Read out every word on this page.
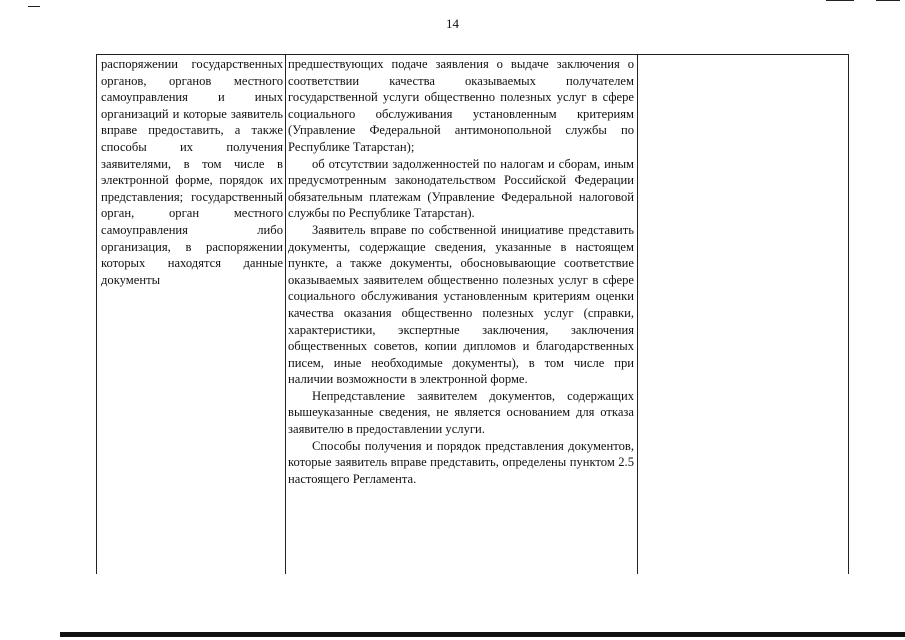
14

распоряжении государственных органов, органов местного самоуправления и иных организаций и которые заявитель вправе предоставить, а также способы их получения заявителями, в том числе в электронной форме, порядок их представления; государственный орган, орган местного самоуправления либо организация, в распоряжении которых находятся данные документы

предшествующих подаче заявления о выдаче заключения о соответствии качества оказываемых получателем государственной услуги общественно полезных услуг в сфере социального обслуживания установленным критериям (Управление Федеральной антимонопольной службы по Республике Татарстан);

об отсутствии задолженностей по налогам и сборам, иным предусмотренным законодательством Российской Федерации обязательным платежам (Управление Федеральной налоговой службы по Республике Татарстан).

Заявитель вправе по собственной инициативе представить документы, содержащие сведения, указанные в настоящем пункте, а также документы, обосновывающие соответствие оказываемых заявителем общественно полезных услуг в сфере социального обслуживания установленным критериям оценки качества оказания общественно полезных услуг (справки, характеристики, экспертные заключения, заключения общественных советов, копии дипломов и благодарственных писем, иные необходимые документы), в том числе при наличии возможности в электронной форме.

Непредставление заявителем документов, содержащих вышеуказанные сведения, не является основанием для отказа заявителю в предоставлении услуги.

Способы получения и порядок представления документов, которые заявитель вправе представить, определены пунктом 2.5 настоящего Регламента.
